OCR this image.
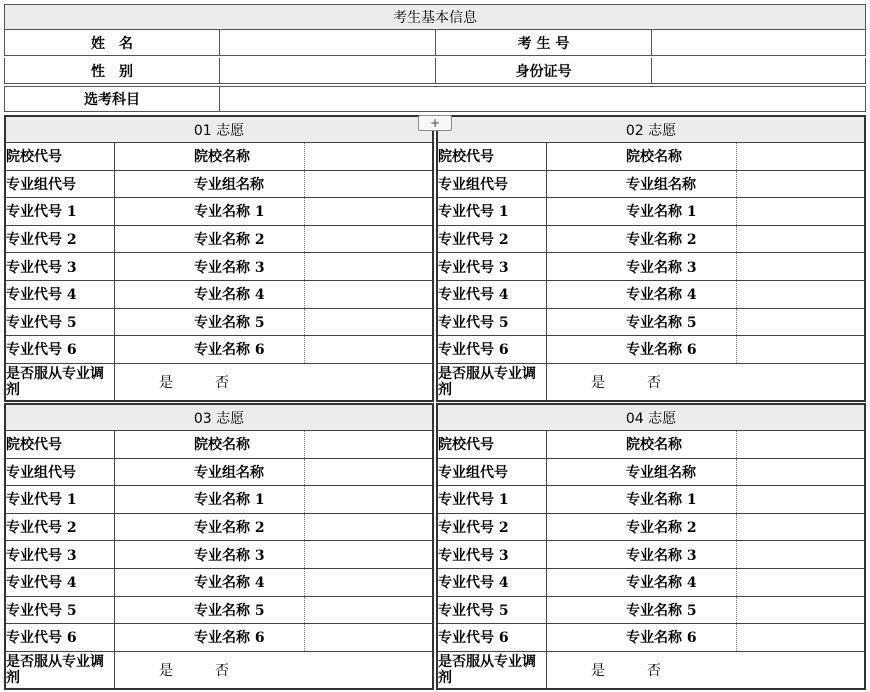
考生基本信息
姓　名	考 生 号
性　别	身份证号
选考科目
+
01 志愿
院校代号	院校名称
专业组代号	专业组名称
专业代号 1	专业名称 1
专业代号 2	专业名称 2
专业代号 3	专业名称 3
专业代号 4	专业名称 4
专业代号 5	专业名称 5
专业代号 6	专业名称 6
是否服从专业调剂	是	否
02 志愿
院校代号	院校名称
专业组代号	专业组名称
专业代号 1	专业名称 1
专业代号 2	专业名称 2
专业代号 3	专业名称 3
专业代号 4	专业名称 4
专业代号 5	专业名称 5
专业代号 6	专业名称 6
是否服从专业调剂	是	否
03 志愿
院校代号	院校名称
专业组代号	专业组名称
专业代号 1	专业名称 1
专业代号 2	专业名称 2
专业代号 3	专业名称 3
专业代号 4	专业名称 4
专业代号 5	专业名称 5
专业代号 6	专业名称 6
是否服从专业调剂	是	否
04 志愿
院校代号	院校名称
专业组代号	专业组名称
专业代号 1	专业名称 1
专业代号 2	专业名称 2
专业代号 3	专业名称 3
专业代号 4	专业名称 4
专业代号 5	专业名称 5
专业代号 6	专业名称 6
是否服从专业调剂	是	否
